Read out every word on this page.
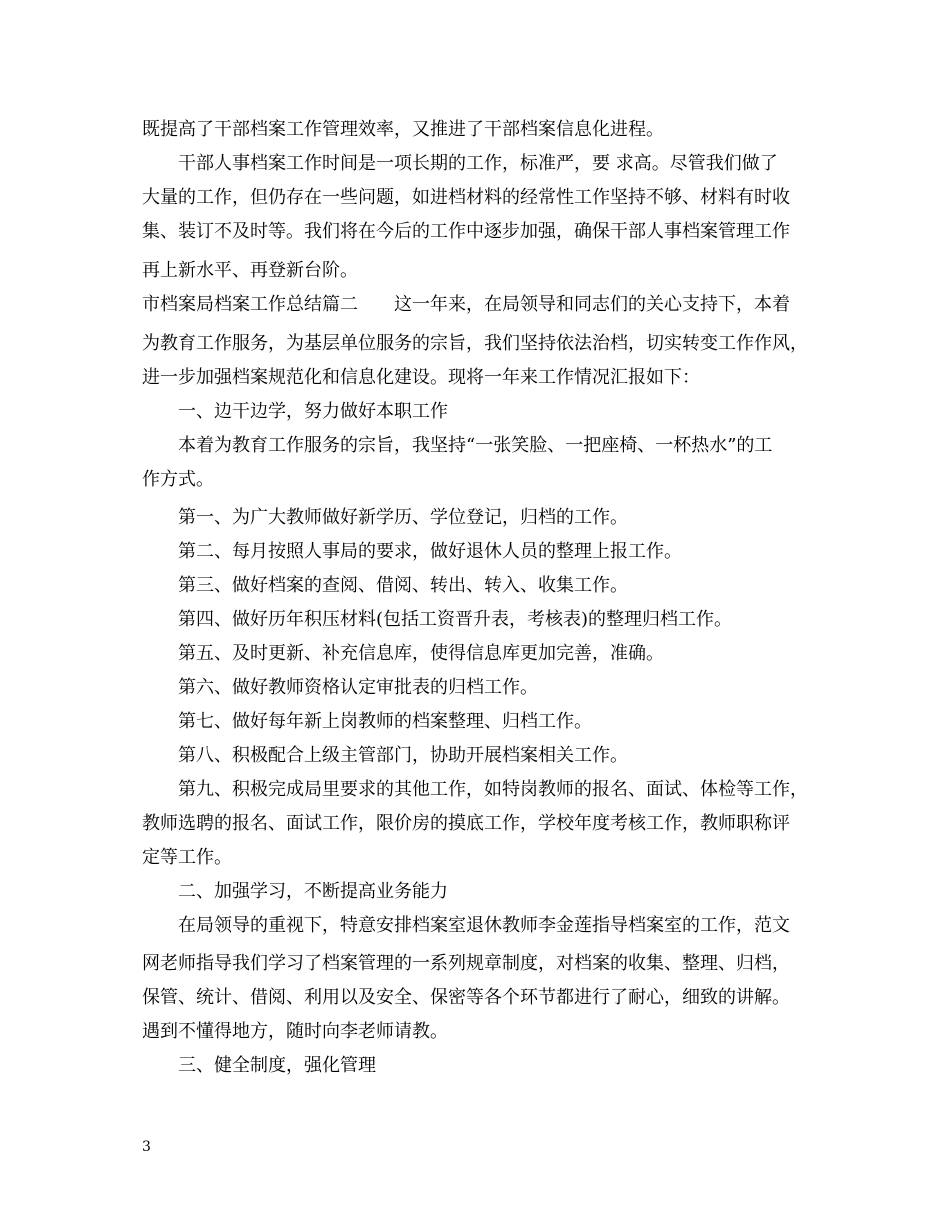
既提高了干部档案工作管理效率，又推进了干部档案信息化进程。
干部人事档案工作时间是一项长期的工作，标准严，要 求高。尽管我们做了
大量的工作，但仍存在一些问题，如进档材料的经常性工作坚持不够、材料有时收
集、装订不及时等。我们将在今后的工作中逐步加强，确保干部人事档案管理工作
再上新水平、再登新台阶。
市档案局档案工作总结篇二　　这一年来，在局领导和同志们的关心支持下，本着
为教育工作服务，为基层单位服务的宗旨，我们坚持依法治档，切实转变工作作风，
进一步加强档案规范化和信息化建设。现将一年来工作情况汇报如下：
一、边干边学，努力做好本职工作
本着为教育工作服务的宗旨，我坚持“一张笑脸、一把座椅、一杯热水”的工
作方式。
第一、为广大教师做好新学历、学位登记，归档的工作。
第二、每月按照人事局的要求，做好退休人员的整理上报工作。
第三、做好档案的查阅、借阅、转出、转入、收集工作。
第四、做好历年积压材料(包括工资晋升表，考核表)的整理归档工作。
第五、及时更新、补充信息库，使得信息库更加完善，准确。
第六、做好教师资格认定审批表的归档工作。
第七、做好每年新上岗教师的档案整理、归档工作。
第八、积极配合上级主管部门，协助开展档案相关工作。
第九、积极完成局里要求的其他工作，如特岗教师的报名、面试、体检等工作，
教师选聘的报名、面试工作，限价房的摸底工作，学校年度考核工作，教师职称评
定等工作。
二、加强学习，不断提高业务能力
在局领导的重视下，特意安排档案室退休教师李金莲指导档案室的工作，范文
网老师指导我们学习了档案管理的一系列规章制度，对档案的收集、整理、归档，
保管、统计、借阅、利用以及安全、保密等各个环节都进行了耐心，细致的讲解。
遇到不懂得地方，随时向李老师请教。
三、健全制度，强化管理
3
